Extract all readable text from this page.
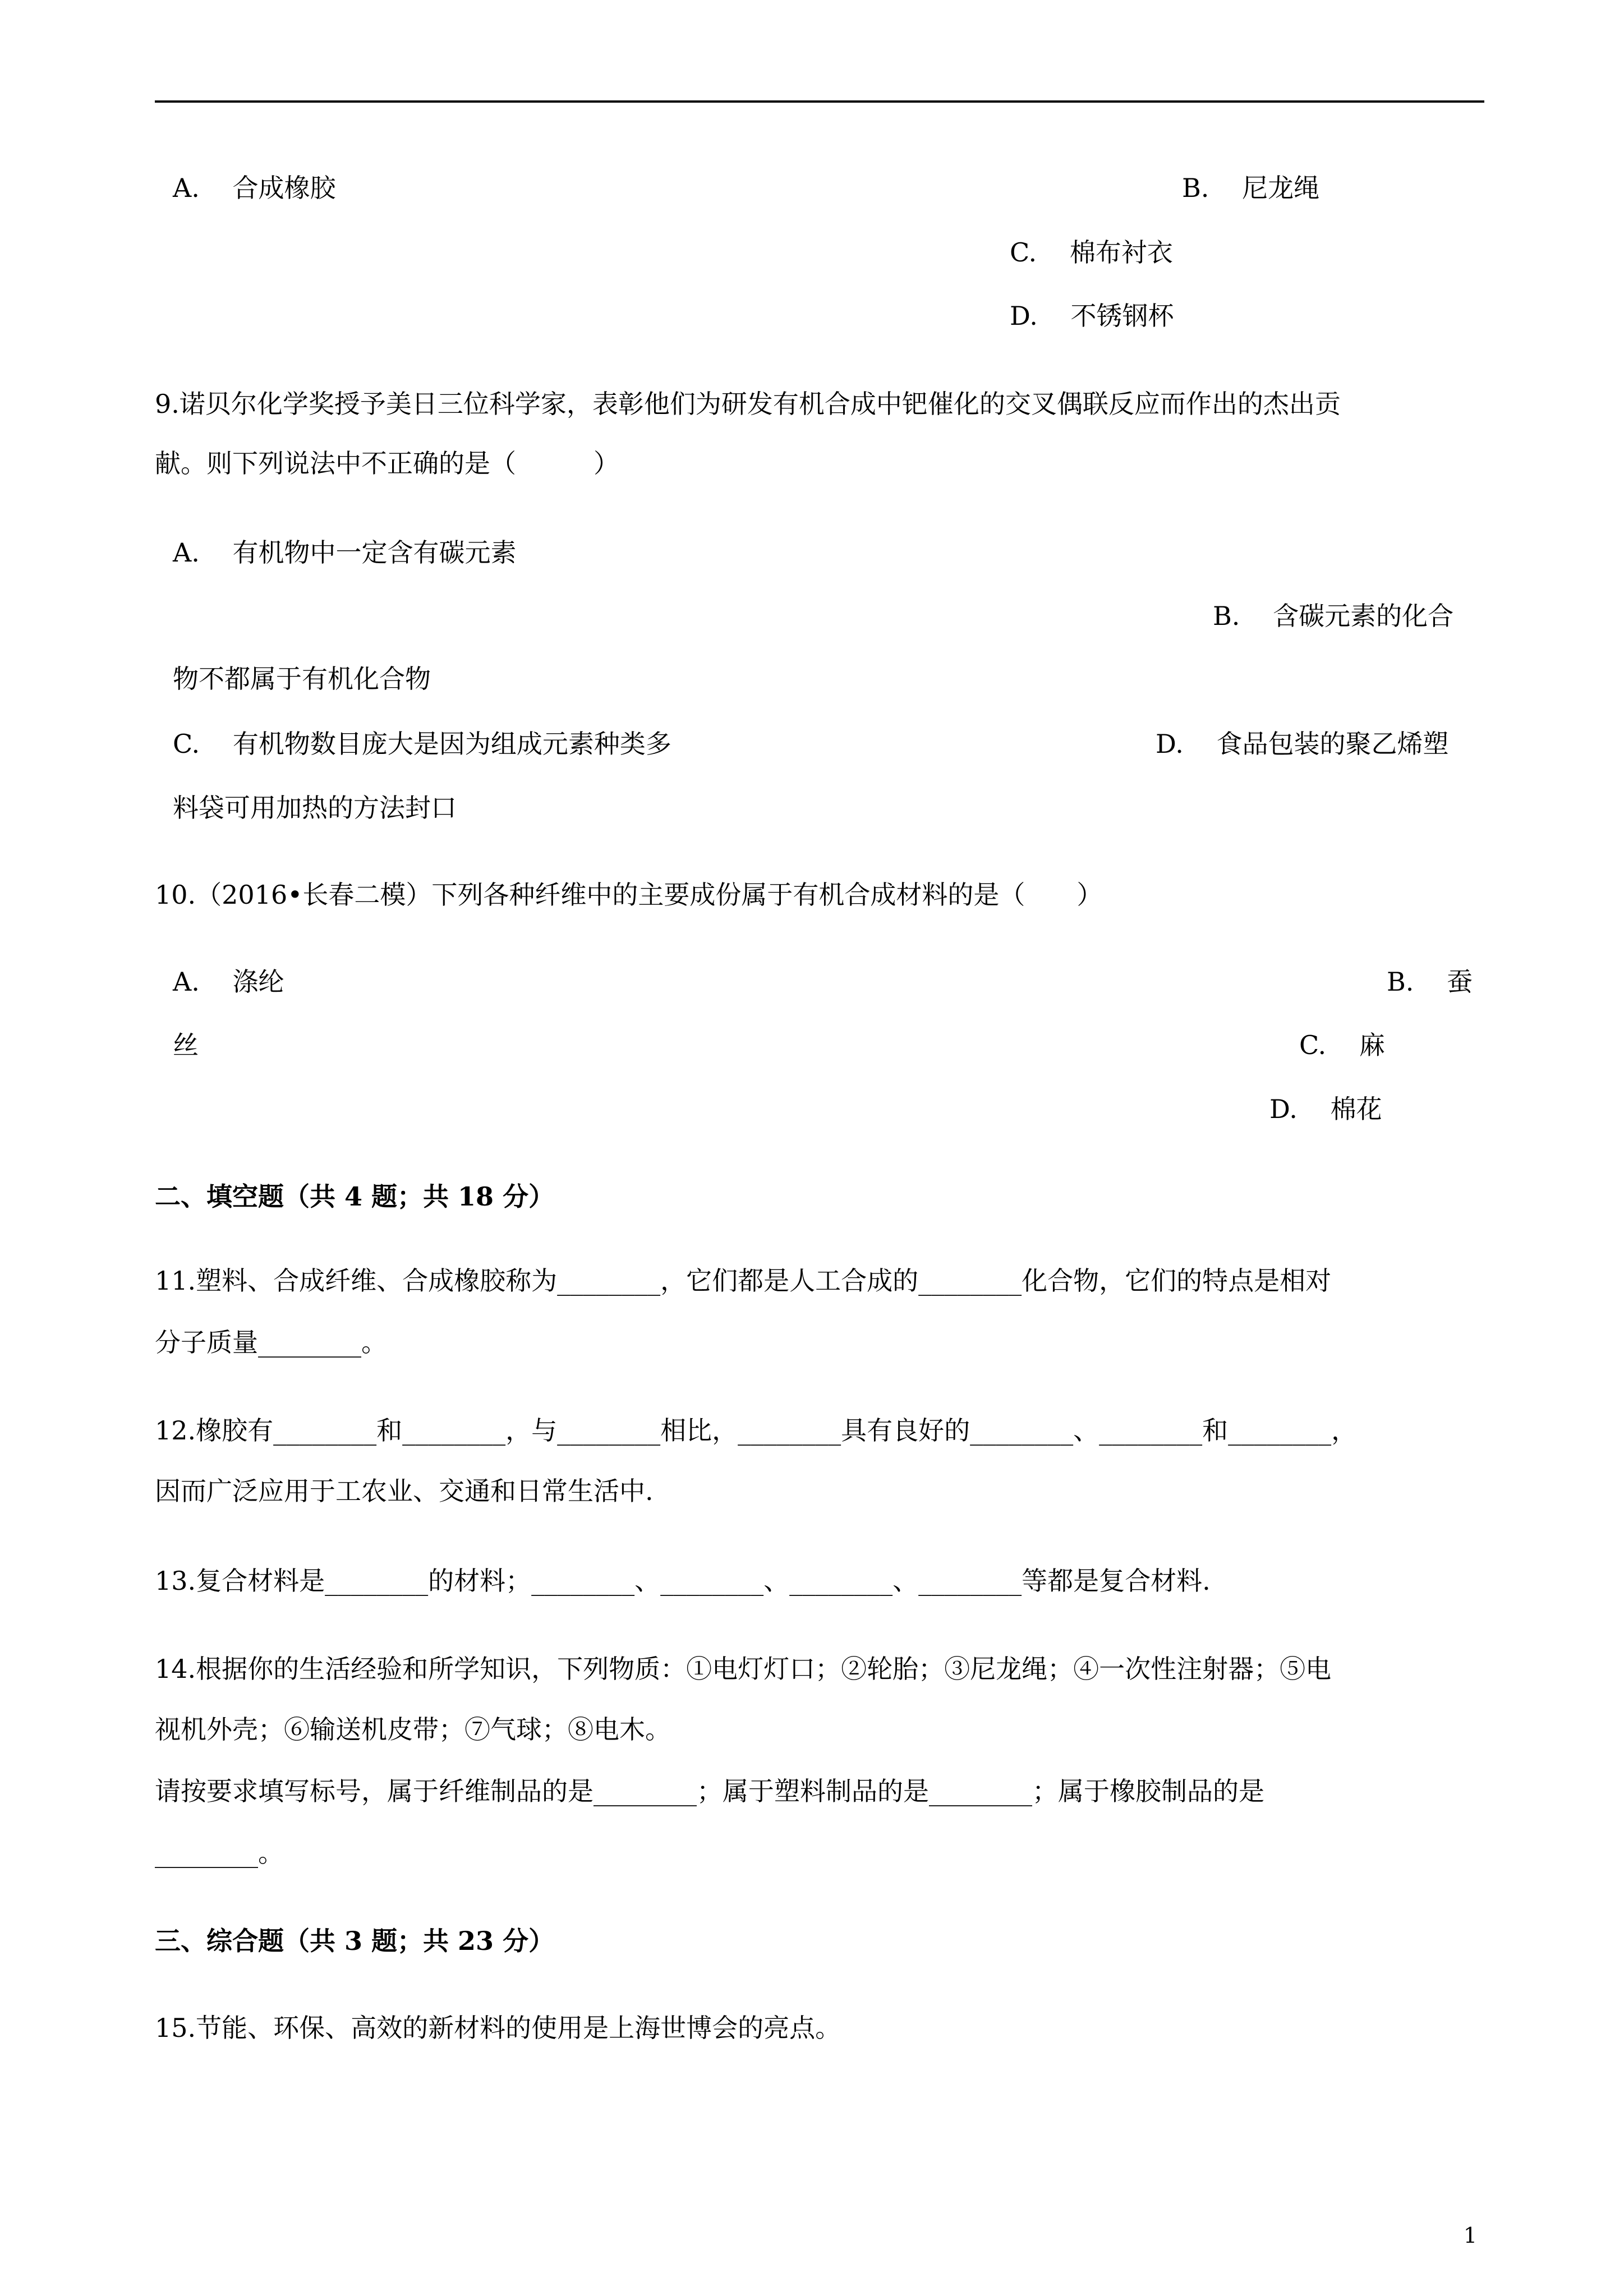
A. 合成橡胶	B. 尼龙绳
C. 棉布衬衣
D. 不锈钢杯
9.诺贝尔化学奖授予美日三位科学家，表彰他们为研发有机合成中钯催化的交叉偶联反应而作出的杰出贡
献。则下列说法中不正确的是（　　　）
A. 有机物中一定含有碳元素
B. 含碳元素的化合
物不都属于有机化合物
C. 有机物数目庞大是因为组成元素种类多	D. 食品包装的聚乙烯塑
料袋可用加热的方法封口
10.（2016•长春二模）下列各种纤维中的主要成份属于有机合成材料的是（　　）
A. 涤纶	B. 蚕
丝	C. 麻
D. 棉花
二、填空题（共 4 题；共 18 分）
11.塑料、合成纤维、合成橡胶称为________，它们都是人工合成的________化合物，它们的特点是相对
分子质量________。
12.橡胶有________和________，与________相比，________具有良好的________、________和________，
因而广泛应用于工农业、交通和日常生活中.
13.复合材料是________的材料；________、________、________、________等都是复合材料.
14.根据你的生活经验和所学知识，下列物质：①电灯灯口；②轮胎；③尼龙绳；④一次性注射器；⑤电
视机外壳；⑥输送机皮带；⑦气球；⑧电木。
请按要求填写标号，属于纤维制品的是________；属于塑料制品的是________；属于橡胶制品的是
________。
三、综合题（共 3 题；共 23 分）
15.节能、环保、高效的新材料的使用是上海世博会的亮点。
1
